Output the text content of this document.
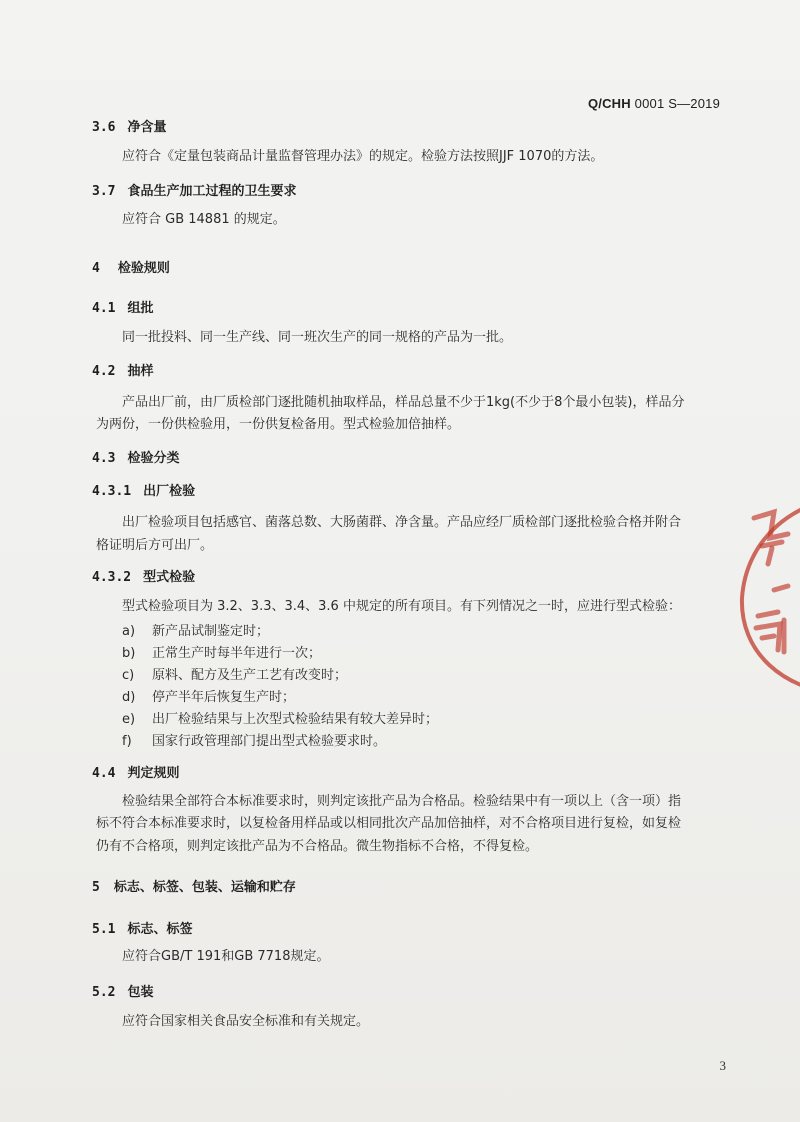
Q/CHH 0001 S—2019
3.6 净含量
应符合《定量包装商品计量监督管理办法》的规定。检验方法按照JJF 1070的方法。
3.7 食品生产加工过程的卫生要求
应符合 GB 14881 的规定。
4 检验规则
4.1 组批
同一批投料、同一生产线、同一班次生产的同一规格的产品为一批。
4.2 抽样
产品出厂前，由厂质检部门逐批随机抽取样品，样品总量不少于1kg(不少于8个最小包装)，样品分
为两份，一份供检验用，一份供复检备用。型式检验加倍抽样。
4.3 检验分类
4.3.1 出厂检验
出厂检验项目包括感官、菌落总数、大肠菌群、净含量。产品应经厂质检部门逐批检验合格并附合
格证明后方可出厂。
4.3.2 型式检验
型式检验项目为 3.2、3.3、3.4、3.6 中规定的所有项目。有下列情况之一时，应进行型式检验：
a) 新产品试制鉴定时；
b) 正常生产时每半年进行一次；
c) 原料、配方及生产工艺有改变时；
d) 停产半年后恢复生产时；
e) 出厂检验结果与上次型式检验结果有较大差异时；
f) 国家行政管理部门提出型式检验要求时。
4.4 判定规则
检验结果全部符合本标准要求时，则判定该批产品为合格品。检验结果中有一项以上（含一项）指
标不符合本标准要求时，以复检备用样品或以相同批次产品加倍抽样，对不合格项目进行复检，如复检
仍有不合格项，则判定该批产品为不合格品。微生物指标不合格，不得复检。
5 标志、标签、包装、运输和贮存
5.1 标志、标签
应符合GB/T 191和GB 7718规定。
5.2 包装
应符合国家相关食品安全标准和有关规定。
3
